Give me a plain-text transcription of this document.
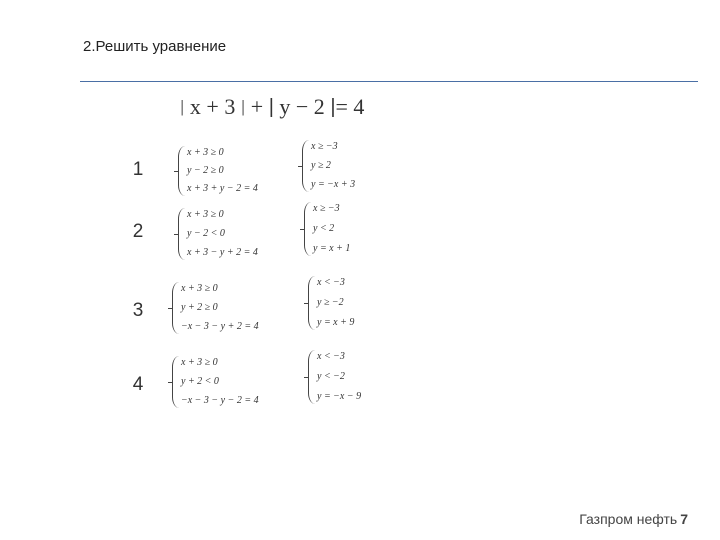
2.Решить уравнение
| x + 3 | + | y − 2 |= 4
1
x + 3 ≥ 0
y − 2 ≥ 0
x + 3 + y − 2 = 4
x ≥ −3
y ≥ 2
y = −x + 3
2
x + 3 ≥ 0
y − 2 < 0
x + 3 − y + 2 = 4
x ≥ −3
y < 2
y = x + 1
3
x + 3 ≥ 0
y + 2 ≥ 0
−x − 3 − y + 2 = 4
x < −3
y ≥ −2
y = x + 9
4
x + 3 ≥ 0
y + 2 < 0
−x − 3 − y − 2 = 4
x < −3
y < −2
y = −x − 9
Газпром нефть 7
